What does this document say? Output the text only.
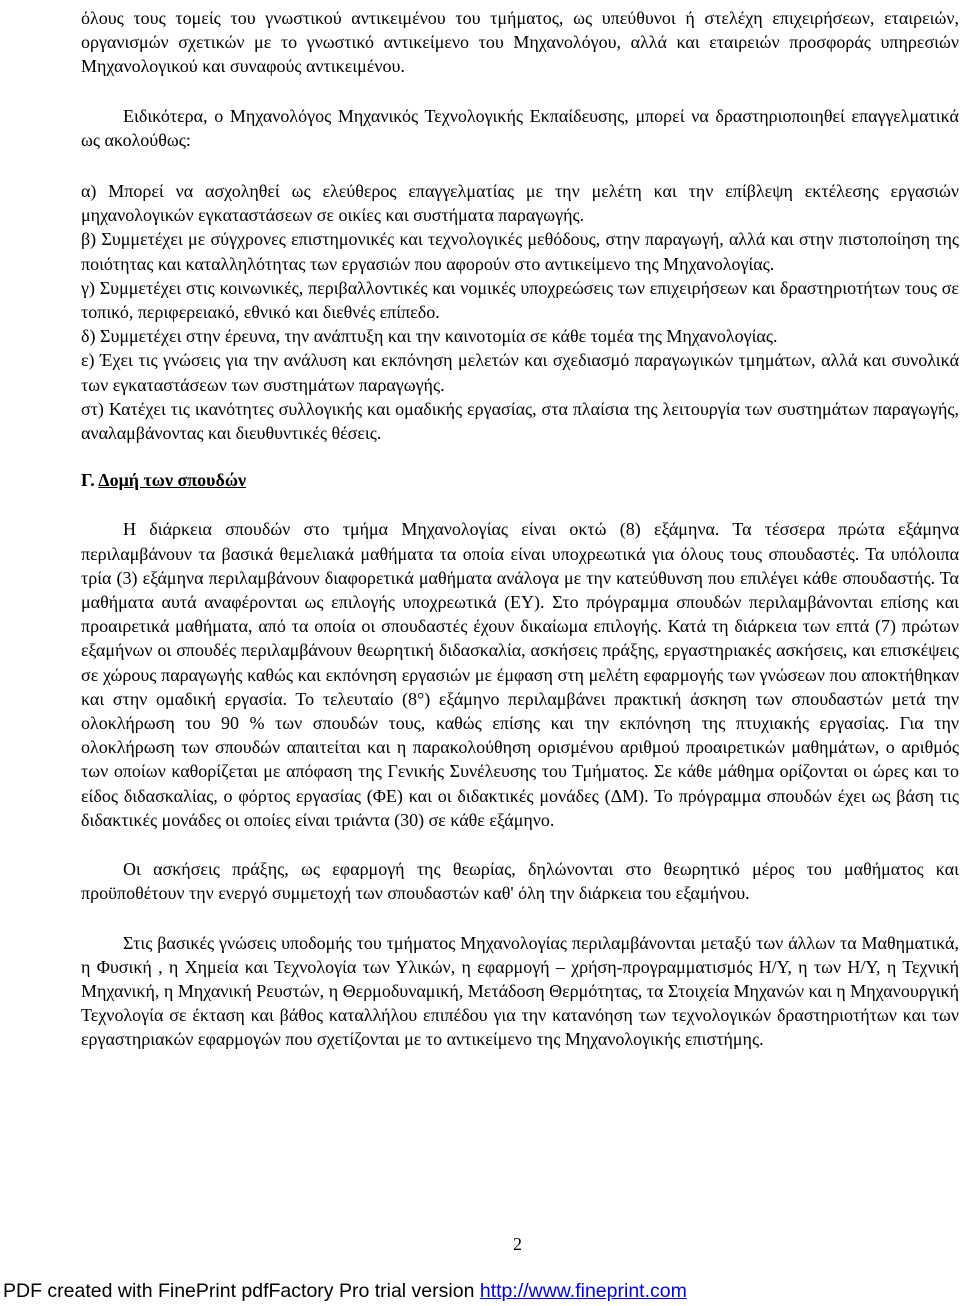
όλους τους τομείς του γνωστικού αντικειμένου του τμήματος, ως υπεύθυνοι ή στελέχη επιχειρήσεων, εταιρειών, οργανισμών σχετικών με το γνωστικό αντικείμενο του Μηχανολόγου, αλλά και εταιρειών προσφοράς υπηρεσιών Μηχανολογικού και συναφούς αντικειμένου.

Ειδικότερα, ο Μηχανολόγος Μηχανικός Τεχνολογικής Εκπαίδευσης, μπορεί να δραστηριοποιηθεί επαγγελματικά ως ακολούθως:

α) Μπορεί να ασχοληθεί ως ελεύθερος επαγγελματίας με την μελέτη και την επίβλεψη εκτέλεσης εργασιών μηχανολογικών εγκαταστάσεων σε οικίες και συστήματα παραγωγής.

β) Συμμετέχει με σύγχρονες επιστημονικές και τεχνολογικές μεθόδους, στην παραγωγή, αλλά και στην πιστοποίηση της ποιότητας και καταλληλότητας των εργασιών που αφορούν στο αντικείμενο της Μηχανολογίας.

γ) Συμμετέχει στις κοινωνικές, περιβαλλοντικές και νομικές υποχρεώσεις των επιχειρήσεων και δραστηριοτήτων τους σε τοπικό, περιφερειακό, εθνικό και διεθνές επίπεδο.

δ) Συμμετέχει στην έρευνα, την ανάπτυξη και την καινοτομία σε κάθε τομέα της Μηχανολογίας.

ε) Έχει τις γνώσεις για την ανάλυση και εκπόνηση μελετών και σχεδιασμό παραγωγικών τμημάτων, αλλά και συνολικά των εγκαταστάσεων των συστημάτων παραγωγής.

στ) Κατέχει τις ικανότητες συλλογικής και ομαδικής εργασίας, στα πλαίσια της λειτουργία των συστημάτων παραγωγής, αναλαμβάνοντας και διευθυντικές θέσεις.

Γ. Δομή των σπουδών

Η διάρκεια σπουδών στο τμήμα Μηχανολογίας είναι οκτώ (8) εξάμηνα. Τα τέσσερα πρώτα εξάμηνα περιλαμβάνουν τα βασικά θεμελιακά μαθήματα τα οποία είναι υποχρεωτικά για όλους τους σπουδαστές. Τα υπόλοιπα τρία (3) εξάμηνα περιλαμβάνουν διαφορετικά μαθήματα ανάλογα με την κατεύθυνση που επιλέγει κάθε σπουδαστής. Τα μαθήματα αυτά αναφέρονται ως επιλογής υποχρεωτικά (ΕΥ). Στο πρόγραμμα σπουδών περιλαμβάνονται επίσης και προαιρετικά μαθήματα, από τα οποία οι σπουδαστές έχουν δικαίωμα επιλογής. Κατά τη διάρκεια των επτά (7) πρώτων εξαμήνων οι σπουδές περιλαμβάνουν θεωρητική διδασκαλία, ασκήσεις πράξης, εργαστηριακές ασκήσεις, και επισκέψεις σε χώρους παραγωγής καθώς και εκπόνηση εργασιών με έμφαση στη μελέτη εφαρμογής των γνώσεων που αποκτήθηκαν και στην ομαδική εργασία. Το τελευταίο (8°) εξάμηνο περιλαμβάνει πρακτική άσκηση των σπουδαστών μετά την ολοκλήρωση του 90 % των σπουδών τους, καθώς επίσης και την εκπόνηση της πτυχιακής εργασίας. Για την ολοκλήρωση των σπουδών απαιτείται και η παρακολούθηση ορισμένου αριθμού προαιρετικών μαθημάτων, ο αριθμός των οποίων καθορίζεται με απόφαση της Γενικής Συνέλευσης του Τμήματος. Σε κάθε μάθημα ορίζονται οι ώρες και το είδος διδασκαλίας, ο φόρτος εργασίας (ΦΕ) και οι διδακτικές μονάδες (ΔΜ). Το πρόγραμμα σπουδών έχει ως βάση τις διδακτικές μονάδες οι οποίες είναι τριάντα (30) σε κάθε εξάμηνο.

Οι ασκήσεις πράξης, ως εφαρμογή της θεωρίας, δηλώνονται στο θεωρητικό μέρος του μαθήματος και προϋποθέτουν την ενεργό συμμετοχή των σπουδαστών καθ' όλη την διάρκεια του εξαμήνου.

Στις βασικές γνώσεις υποδομής του τμήματος Μηχανολογίας περιλαμβάνονται μεταξύ των άλλων τα Μαθηματικά, η Φυσική , η Χημεία και Τεχνολογία των Υλικών, η εφαρμογή – χρήση-προγραμματισμός Η/Υ, η των Η/Υ, η Τεχνική Μηχανική, η Μηχανική Ρευστών, η Θερμοδυναμική, Μετάδοση Θερμότητας, τα Στοιχεία Μηχανών και η Μηχανουργική Τεχνολογία σε έκταση και βάθος καταλλήλου επιπέδου για την κατανόηση των τεχνολογικών δραστηριοτήτων και των εργαστηριακών εφαρμογών που σχετίζονται με το αντικείμενο της Μηχανολογικής επιστήμης.

2
PDF created with FinePrint pdfFactory Pro trial version http://www.fineprint.com
